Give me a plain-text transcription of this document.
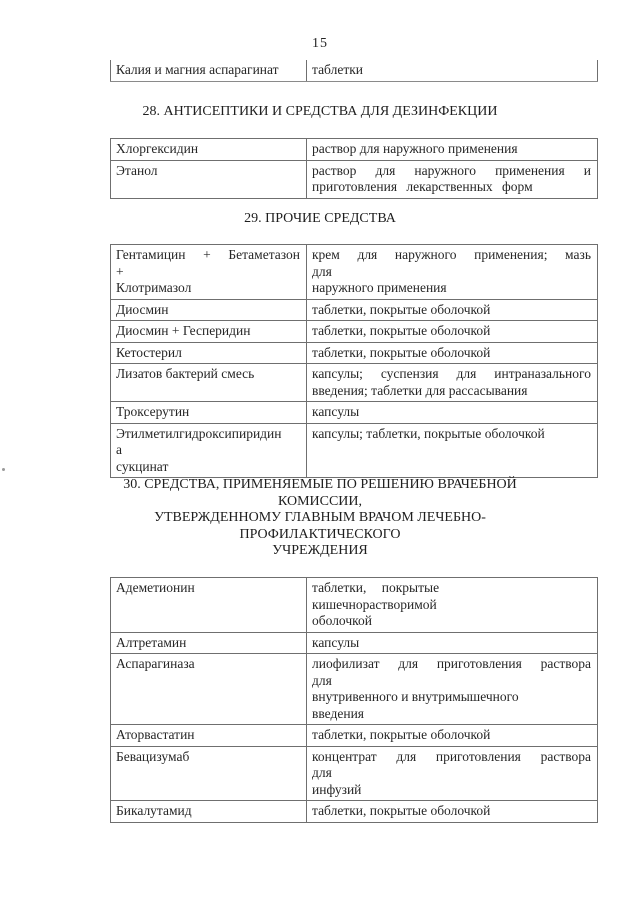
15
Калия и магния аспарагинат	таблетки
28. АНТИСЕПТИКИ И СРЕДСТВА ДЛЯ ДЕЗИНФЕКЦИИ
Хлоргексидин	раствор для наружного применения

Этанол	раствор для наружного применения и
приготовления лекарственных форм
29. ПРОЧИЕ СРЕДСТВА
Гентамицин + Бетаметазон
+
Клотримазол	крем для наружного применения; мазь
для
наружного применения

Диосмин	таблетки, покрытые оболочкой

Диосмин + Гесперидин	таблетки, покрытые оболочкой

Кетостерил	таблетки, покрытые оболочкой

Лизатов бактерий смесь	капсулы; суспензия для интраназального
введения; таблетки для рассасывания

Троксерутин	капсулы

Этилметилгидроксипиридин
а
сукцинат	капсулы; таблетки, покрытые оболочкой
30. СРЕДСТВА, ПРИМЕНЯЕМЫЕ ПО РЕШЕНИЮ ВРАЧЕБНОЙ
КОМИССИИ,
УТВЕРЖДЕННОМУ ГЛАВНЫМ ВРАЧОМ ЛЕЧЕБНО-
ПРОФИЛАКТИЧЕСКОГО
УЧРЕЖДЕНИЯ
Адеметионин	таблетки, покрытые
кишечнорастворимой
оболочкой

Алтретамин	капсулы

Аспарагиназа	лиофилизат для приготовления раствора
для
внутривенного и внутримышечного
введения

Аторвастатин	таблетки, покрытые оболочкой

Бевацизумаб	концентрат для приготовления раствора
для
инфузий

Бикалутамид	таблетки, покрытые оболочкой
